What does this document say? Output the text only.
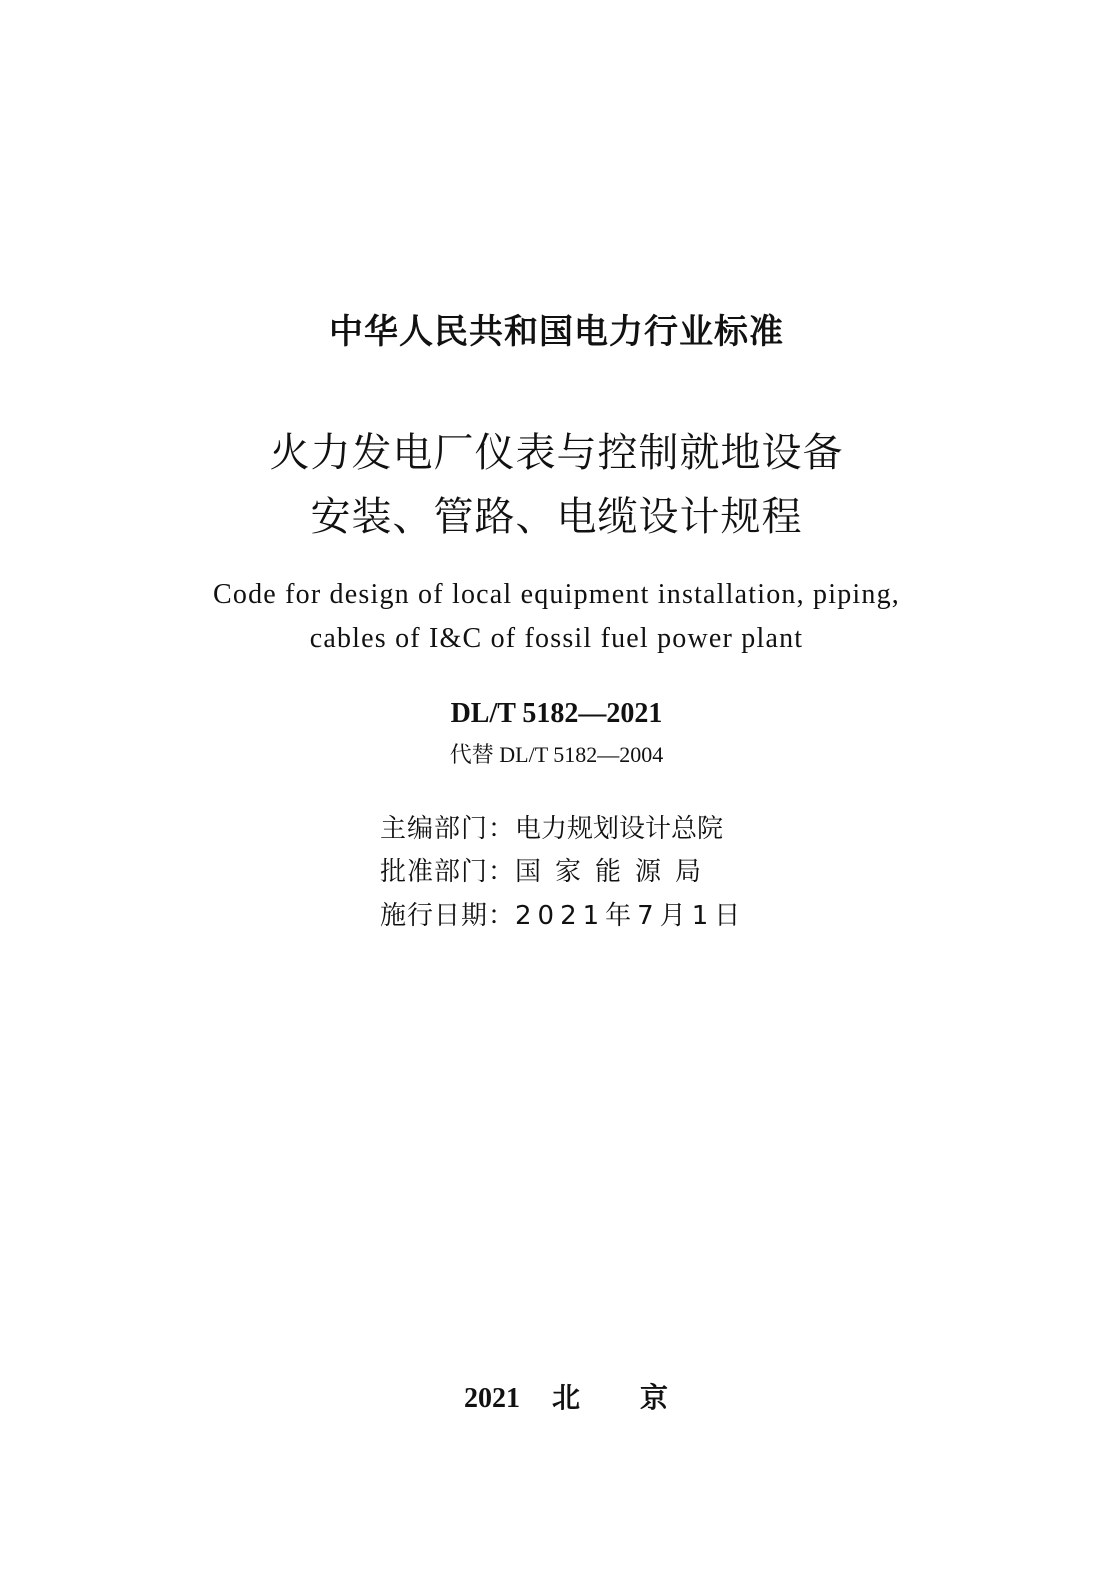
中华人民共和国电力行业标准
火力发电厂仪表与控制就地设备
安装、管路、电缆设计规程
Code for design of local equipment installation, piping,
cables of I&C of fossil fuel power plant
DL/T 5182—2021
代替 DL/T 5182—2004
主编部门：电力规划设计总院
批准部门：国家能源局
施行日期：2021年7月1日
2021 北京
